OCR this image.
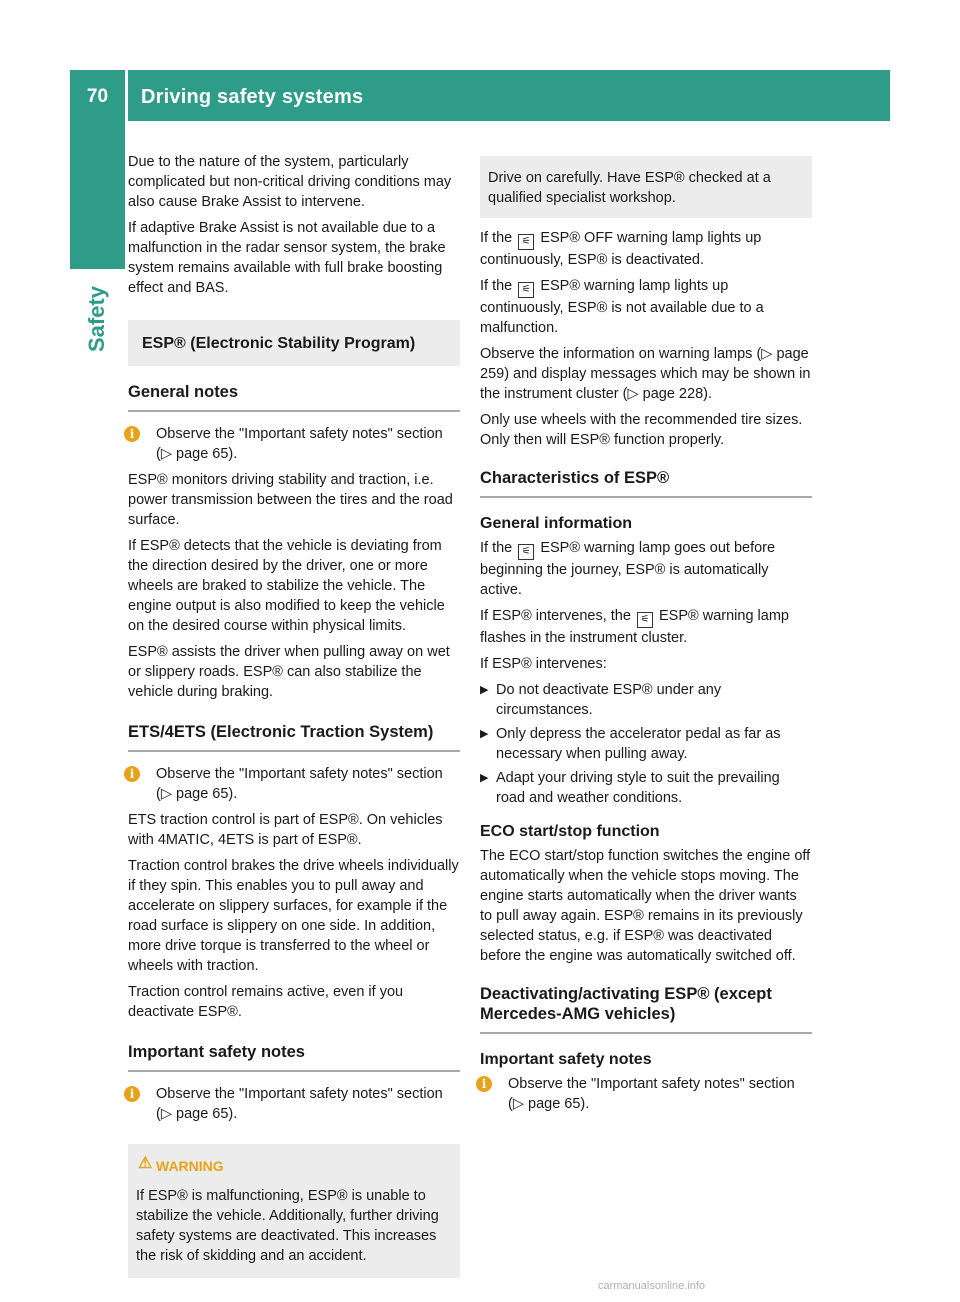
70	Driving safety systems
Safety

Due to the nature of the system, particularly complicated but non-critical driving conditions may also cause Brake Assist to intervene.

If adaptive Brake Assist is not available due to a malfunction in the radar sensor system, the brake system remains available with full brake boosting effect and BAS.

ESP® (Electronic Stability Program)
General notes
i	Observe the "Important safety notes" section (▷ page 65).

ESP® monitors driving stability and traction, i.e. power transmission between the tires and the road surface.

If ESP® detects that the vehicle is deviating from the direction desired by the driver, one or more wheels are braked to stabilize the vehicle. The engine output is also modified to keep the vehicle on the desired course within physical limits.

ESP® assists the driver when pulling away on wet or slippery roads. ESP® can also stabilize the vehicle during braking.

ETS/4ETS (Electronic Traction System)
i	Observe the "Important safety notes" section (▷ page 65).

ETS traction control is part of ESP®. On vehicles with 4MATIC, 4ETS is part of ESP®.

Traction control brakes the drive wheels individually if they spin. This enables you to pull away and accelerate on slippery surfaces, for example if the road surface is slippery on one side. In addition, more drive torque is transferred to the wheel or wheels with traction.

Traction control remains active, even if you deactivate ESP®.

Important safety notes
i	Observe the "Important safety notes" section (▷ page 65).
⚠ WARNING
If ESP® is malfunctioning, ESP® is unable to stabilize the vehicle. Additionally, further driving safety systems are deactivated. This increases the risk of skidding and an accident.
Drive on carefully. Have ESP® checked at a qualified specialist workshop.

If the ⚟ ESP® OFF warning lamp lights up continuously, ESP® is deactivated.

If the ⚟ ESP® warning lamp lights up continuously, ESP® is not available due to a malfunction.

Observe the information on warning lamps (▷ page 259) and display messages which may be shown in the instrument cluster (▷ page 228).

Only use wheels with the recommended tire sizes. Only then will ESP® function properly.

Characteristics of ESP®
General information

If the ⚟ ESP® warning lamp goes out before beginning the journey, ESP® is automatically active.

If ESP® intervenes, the ⚟ ESP® warning lamp flashes in the instrument cluster.

If ESP® intervenes:

▶ Do not deactivate ESP® under any circumstances.
▶ Only depress the accelerator pedal as far as necessary when pulling away.
▶ Adapt your driving style to suit the prevailing road and weather conditions.
ECO start/stop function

The ECO start/stop function switches the engine off automatically when the vehicle stops moving. The engine starts automatically when the driver wants to pull away again. ESP® remains in its previously selected status, e.g. if ESP® was deactivated before the engine was automatically switched off.

Deactivating/activating ESP® (except Mercedes-AMG vehicles)
Important safety notes
i	Observe the "Important safety notes" section (▷ page 65).
carmanualsonline.info
